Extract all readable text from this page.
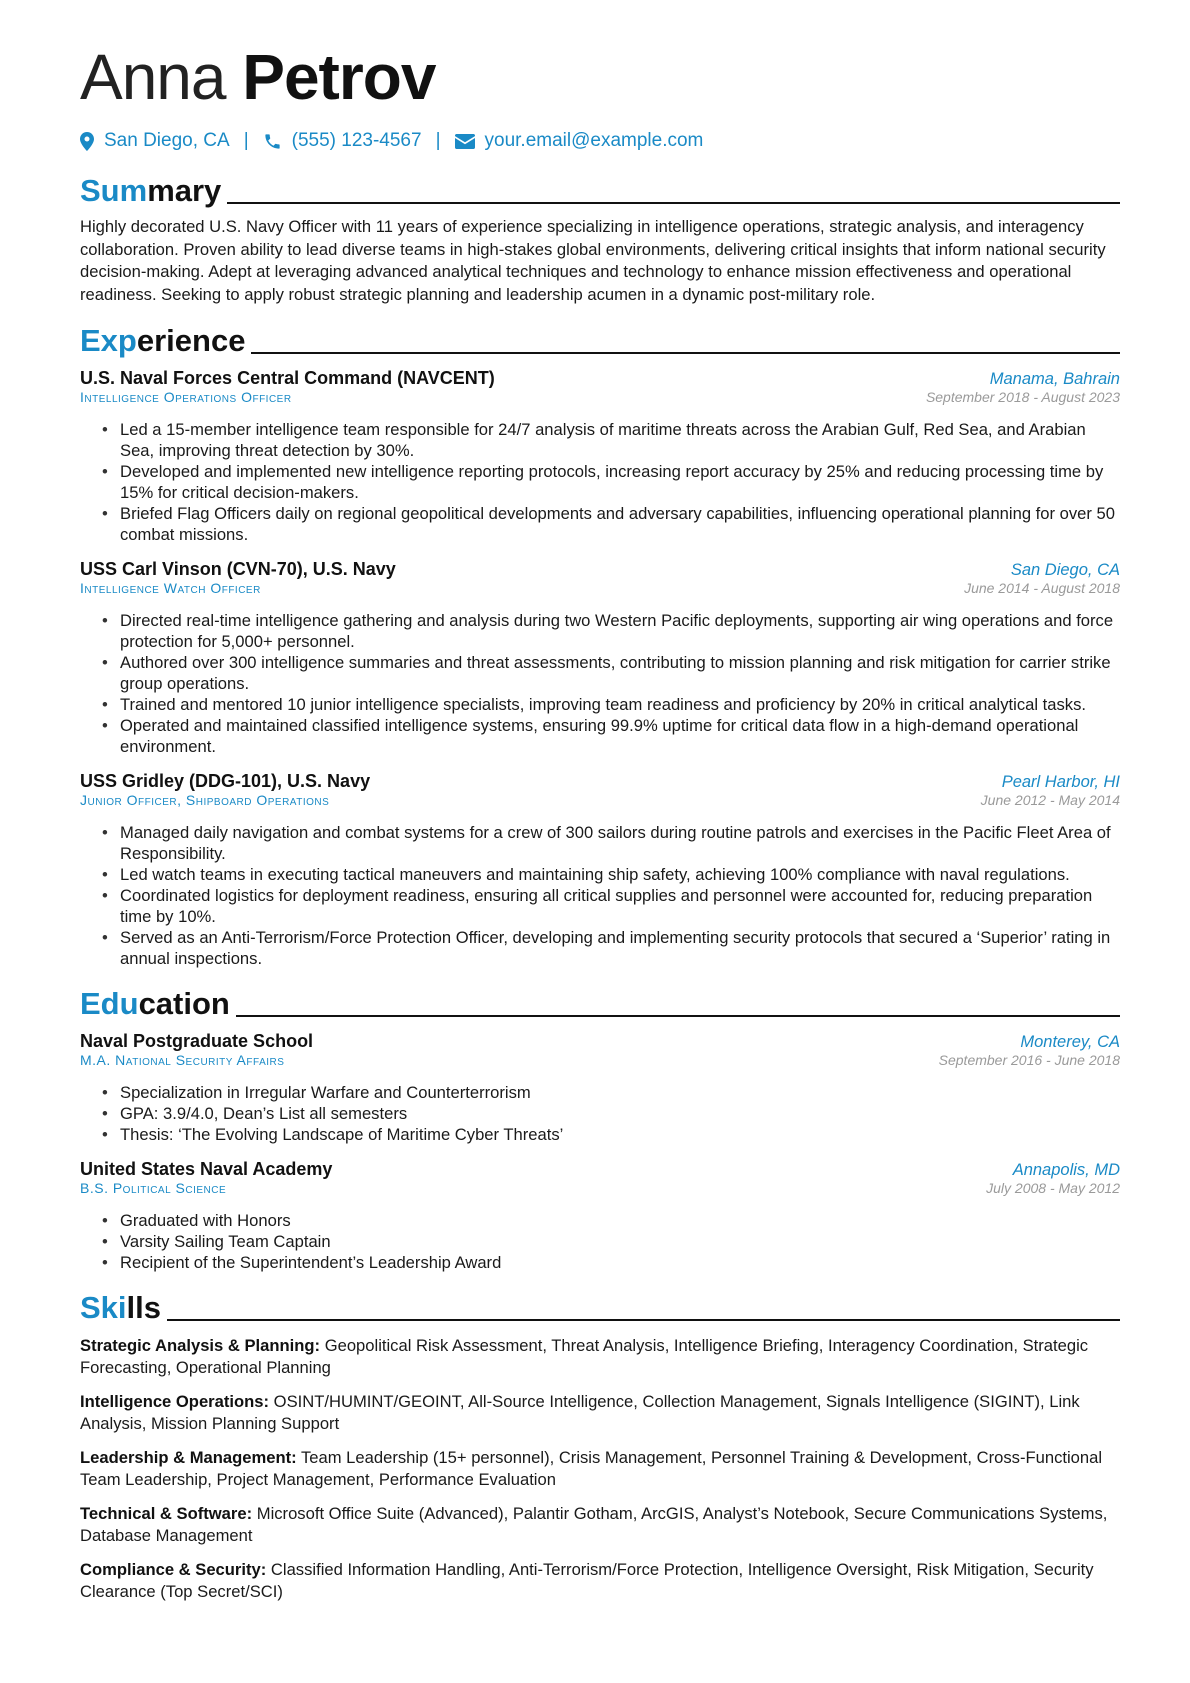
Anna Petrov
San Diego, CA | (555) 123-4567 | your.email@example.com
Summary
Highly decorated U.S. Navy Officer with 11 years of experience specializing in intelligence operations, strategic analysis, and interagency collaboration. Proven ability to lead diverse teams in high-stakes global environments, delivering critical insights that inform national security decision-making. Adept at leveraging advanced analytical techniques and technology to enhance mission effectiveness and operational readiness. Seeking to apply robust strategic planning and leadership acumen in a dynamic post-military role.
Experience
U.S. Naval Forces Central Command (NAVCENT)	Manama, Bahrain
Intelligence Operations Officer	September 2018 - August 2023
• Led a 15-member intelligence team responsible for 24/7 analysis of maritime threats across the Arabian Gulf, Red Sea, and Arabian Sea, improving threat detection by 30%.
• Developed and implemented new intelligence reporting protocols, increasing report accuracy by 25% and reducing processing time by 15% for critical decision-makers.
• Briefed Flag Officers daily on regional geopolitical developments and adversary capabilities, influencing operational planning for over 50 combat missions.
USS Carl Vinson (CVN-70), U.S. Navy	San Diego, CA
Intelligence Watch Officer	June 2014 - August 2018
• Directed real-time intelligence gathering and analysis during two Western Pacific deployments, supporting air wing operations and force protection for 5,000+ personnel.
• Authored over 300 intelligence summaries and threat assessments, contributing to mission planning and risk mitigation for carrier strike group operations.
• Trained and mentored 10 junior intelligence specialists, improving team readiness and proficiency by 20% in critical analytical tasks.
• Operated and maintained classified intelligence systems, ensuring 99.9% uptime for critical data flow in a high-demand operational environment.
USS Gridley (DDG-101), U.S. Navy	Pearl Harbor, HI
Junior Officer, Shipboard Operations	June 2012 - May 2014
• Managed daily navigation and combat systems for a crew of 300 sailors during routine patrols and exercises in the Pacific Fleet Area of Responsibility.
• Led watch teams in executing tactical maneuvers and maintaining ship safety, achieving 100% compliance with naval regulations.
• Coordinated logistics for deployment readiness, ensuring all critical supplies and personnel were accounted for, reducing preparation time by 10%.
• Served as an Anti-Terrorism/Force Protection Officer, developing and implementing security protocols that secured a ‘Superior’ rating in annual inspections.
Education
Naval Postgraduate School	Monterey, CA
M.A. National Security Affairs	September 2016 - June 2018
• Specialization in Irregular Warfare and Counterterrorism
• GPA: 3.9/4.0, Dean’s List all semesters
• Thesis: ‘The Evolving Landscape of Maritime Cyber Threats’
United States Naval Academy	Annapolis, MD
B.S. Political Science	July 2008 - May 2012
• Graduated with Honors
• Varsity Sailing Team Captain
• Recipient of the Superintendent’s Leadership Award
Skills
Strategic Analysis & Planning: Geopolitical Risk Assessment, Threat Analysis, Intelligence Briefing, Interagency Coordination, Strategic Forecasting, Operational Planning
Intelligence Operations: OSINT/HUMINT/GEOINT, All-Source Intelligence, Collection Management, Signals Intelligence (SIGINT), Link Analysis, Mission Planning Support
Leadership & Management: Team Leadership (15+ personnel), Crisis Management, Personnel Training & Development, Cross-Functional Team Leadership, Project Management, Performance Evaluation
Technical & Software: Microsoft Office Suite (Advanced), Palantir Gotham, ArcGIS, Analyst’s Notebook, Secure Communications Systems, Database Management
Compliance & Security: Classified Information Handling, Anti-Terrorism/Force Protection, Intelligence Oversight, Risk Mitigation, Security Clearance (Top Secret/SCI)
